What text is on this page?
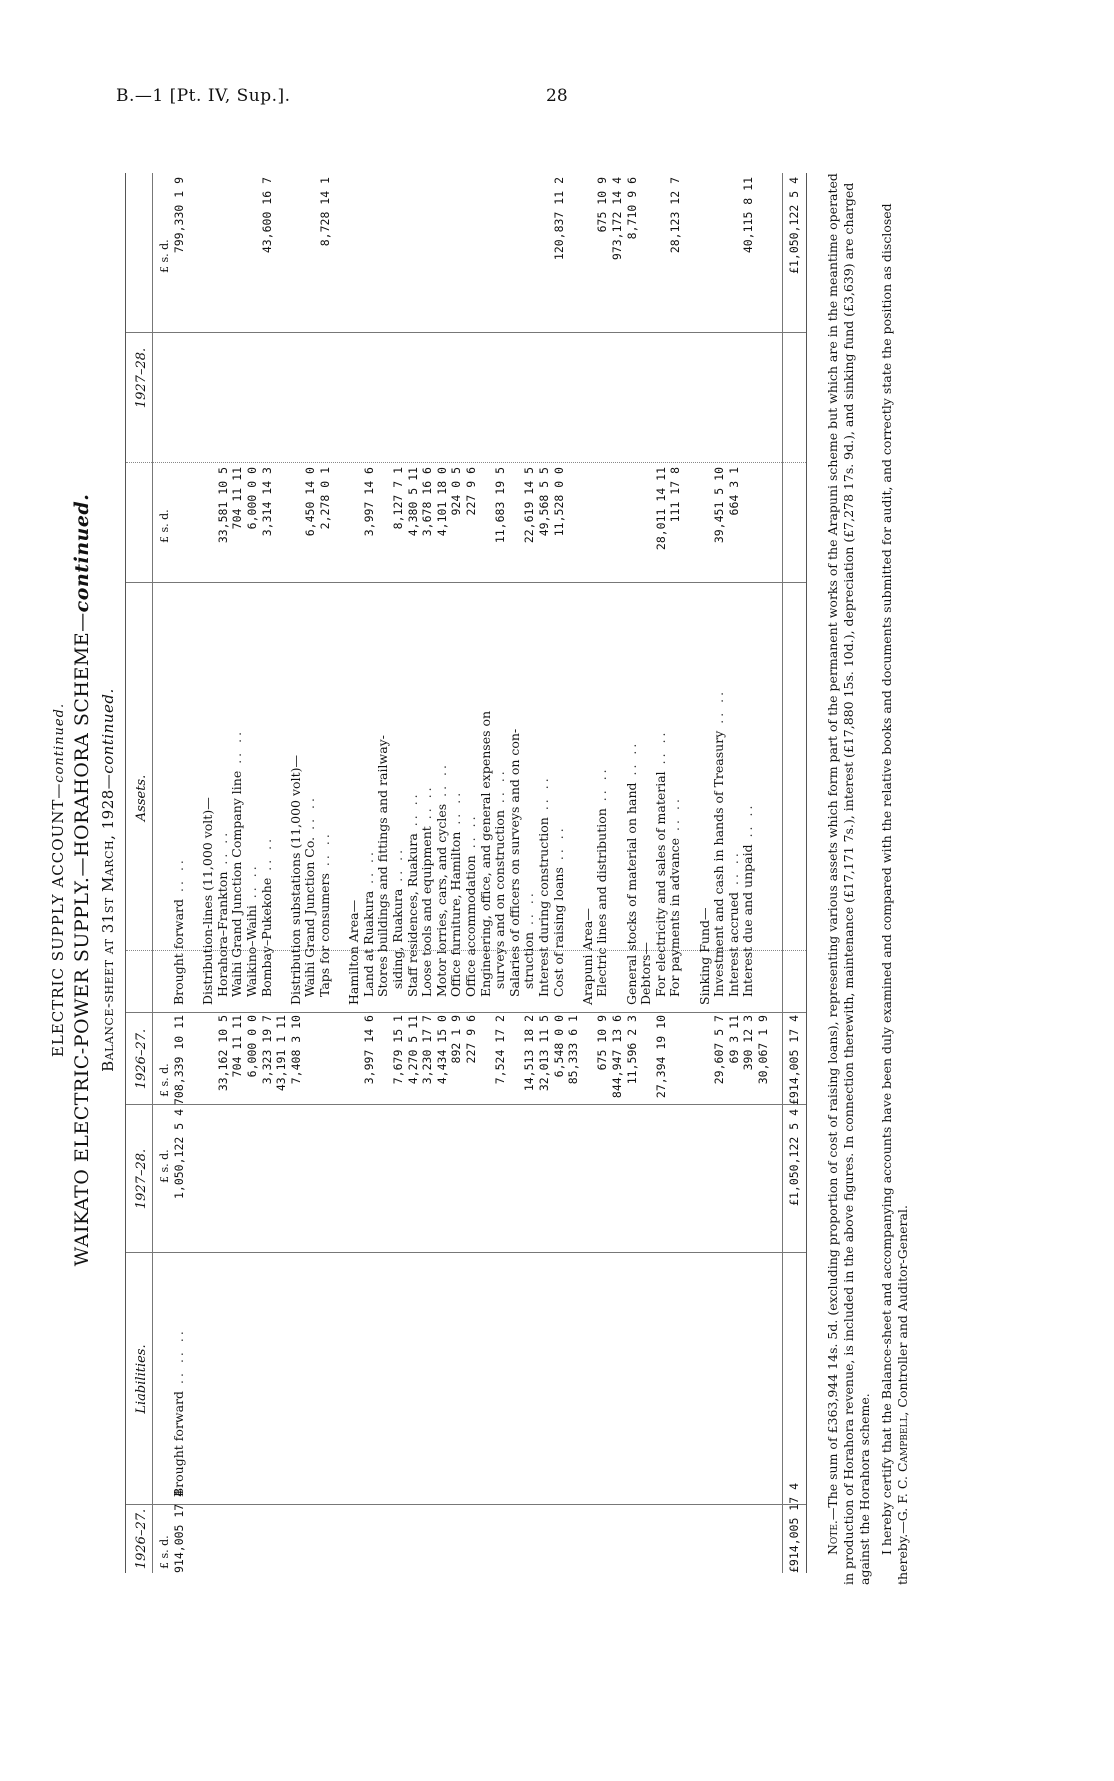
B.—1 [Pt. IV, Sup.].	28
ELECTRIC SUPPLY ACCOUNT—continued. WAIKATO ELECTRIC-POWER SUPPLY.—HORAHORA SCHEME—continued.
Balance-sheet at 31st March, 1928—continued.
1926–27.
Liabilities.
1927–28.
£ s. d.
£ s. d.
914,005 17 4
Brought forward .. .. ..
1,050,122 5 4
£914,005 17 4
£1,050,122 5 4
1926–27.
Assets.
1927–28.
£ s. d.
£ s. d.
£ s. d.
Brought forward .. ..
708,339 10 11
799,330 1 9
Distribution-lines (11,000 volt)— Horahora–Frankton .. ..
33,162 10 5
33,581 10 5
Waihi Grand Junction Company line .. ..
704 11 11
704 11 11
Waikino–Waihi .. ..
6,000 0 0
6,000 0 0
Bombay–Pukekohe .. ..
3,323 19 7
3,314 14 3
43,600 16 7
43,191 1 11
Distribution substations (11,000 volt)—
7,408 3 10
Waihi Grand Junction Co. .. ..
6,450 14 0
Taps for consumers .. ..
2,278 0 1
8,728 14 1
Hamilton Area— Land at Ruakura .. ..
3,997 14 6
3,997 14 6
Stores buildings and fittings and railway- siding, Ruakura .. ..
7,679 15 1
8,127 7 1
Staff residences, Ruakura .. ..
4,270 5 11
4,380 5 11
Loose tools and equipment .. ..
3,230 17 7
3,678 16 6
Motor lorries, cars, and cycles .. ..
4,434 15 0
4,101 18 0
Office furniture, Hamilton .. ..
892 1 9
924 0 5
Office accommodation .. ..
227 9 6
227 9 6
Engineering, office, and general expenses on surveys and on construction .. ..
7,524 17 2
11,683 19 5
Salaries of officers on surveys and on con- struction .. ..
14,513 18 2
22,619 14 5
Interest during construction .. ..
32,013 11 5
49,568 5 5
Cost of raising loans .. ..
6,548 0 0
11,528 0 0
120,837 11 2
85,333 6 1
Arapuni Area— Electric lines and distribution .. ..
675 10 9
675 10 9
844,947 13 6
973,172 14 4
General stocks of material on hand .. ..
11,596 2 3
8,710 9 6
Debtors— For electricity and sales of material .. ..
27,394 19 10
28,011 14 11
For payments in advance .. ..
111 17 8
28,123 12 7
Sinking Fund— Investment and cash in hands of Treasury .. ..
29,607 5 7
39,451 5 10
Interest accrued .. ..
69 3 11
664 3 1
Interest due and unpaid .. ..
390 12 3
40,115 8 11
30,067 1 9 £914,005 17 4
£1,050,122 5 4

Note.—The sum of £363,944 14s. 5d. (excluding proportion of cost of raising loans), representing various assets which form part of the permanent works of the Arapuni scheme but which are in the meantime operated in production of Horahora revenue, is included in the above figures. In connection therewith, maintenance (£17,171 7s.), interest (£17,880 15s. 10d.), depreciation (£7,278 17s. 9d.), and sinking fund (£3,639) are charged against the Horahora scheme. I hereby certify that the Balance-sheet and accompanying accounts have been duly examined and compared with the relative books and documents submitted for audit, and correctly state the position as disclosed thereby.—G. F. C. Campbell, Controller and Auditor-General.
